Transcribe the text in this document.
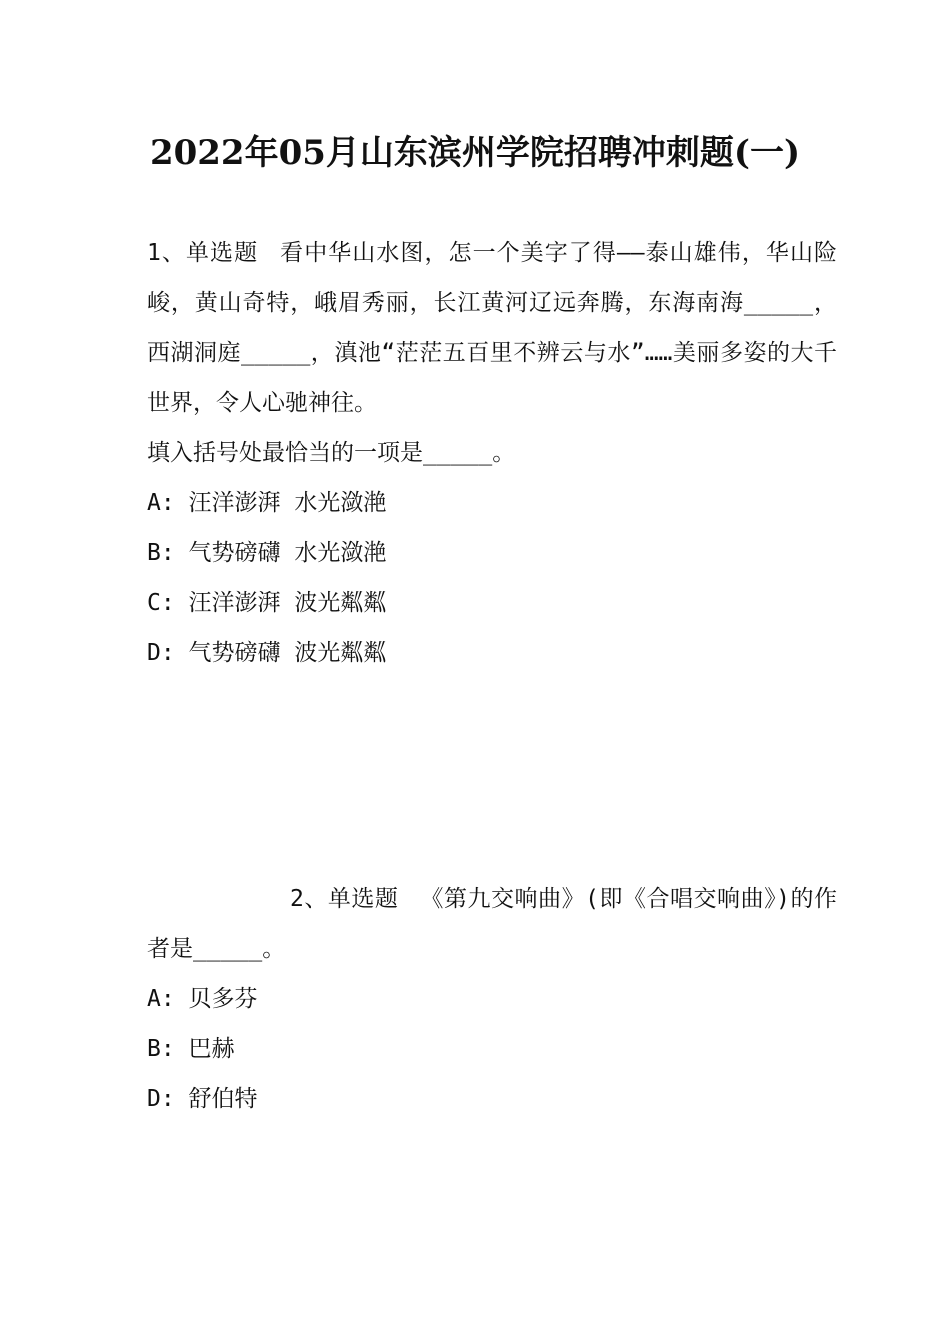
2022年05月山东滨州学院招聘冲刺题(一)

1、单选题 看中华山水图，怎一个美字了得——泰山雄伟，华山险峻，黄山奇特，峨眉秀丽，长江黄河辽远奔腾，东海南海_____，西湖洞庭_____，滇池“茫茫五百里不辨云与水”……美丽多姿的大千世界，令人心驰神往。

填入括号处最恰当的一项是_____。

A: 汪洋澎湃 水光潋滟
B: 气势磅礴 水光潋滟
C: 汪洋澎湃 波光粼粼
D: 气势磅礴 波光粼粼

2、单选题 《第九交响曲》(即《合唱交响曲》)的作者是_____。

A: 贝多芬
B: 巴赫
D: 舒伯特
